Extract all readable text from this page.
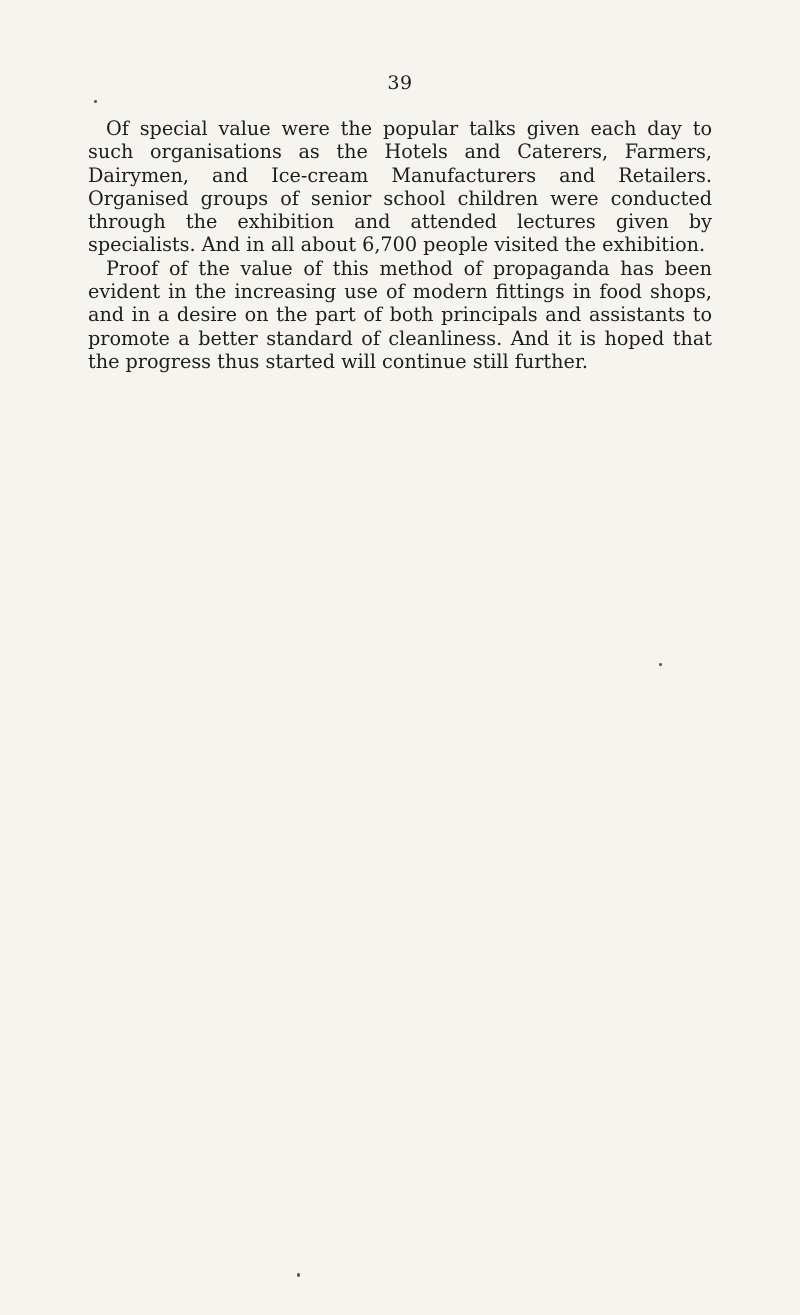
39

Of special value were the popular talks given each day to such organisations as the Hotels and Caterers, Farmers, Dairymen, and Ice-cream Manufacturers and Retailers. Organised groups of senior school children were conducted through the exhibition and attended lectures given by specialists. And in all about 6,700 people visited the exhibition.

Proof of the value of this method of propaganda has been evident in the increasing use of modern fittings in food shops, and in a desire on the part of both principals and assistants to promote a better standard of cleanliness. And it is hoped that the progress thus started will continue still further.
